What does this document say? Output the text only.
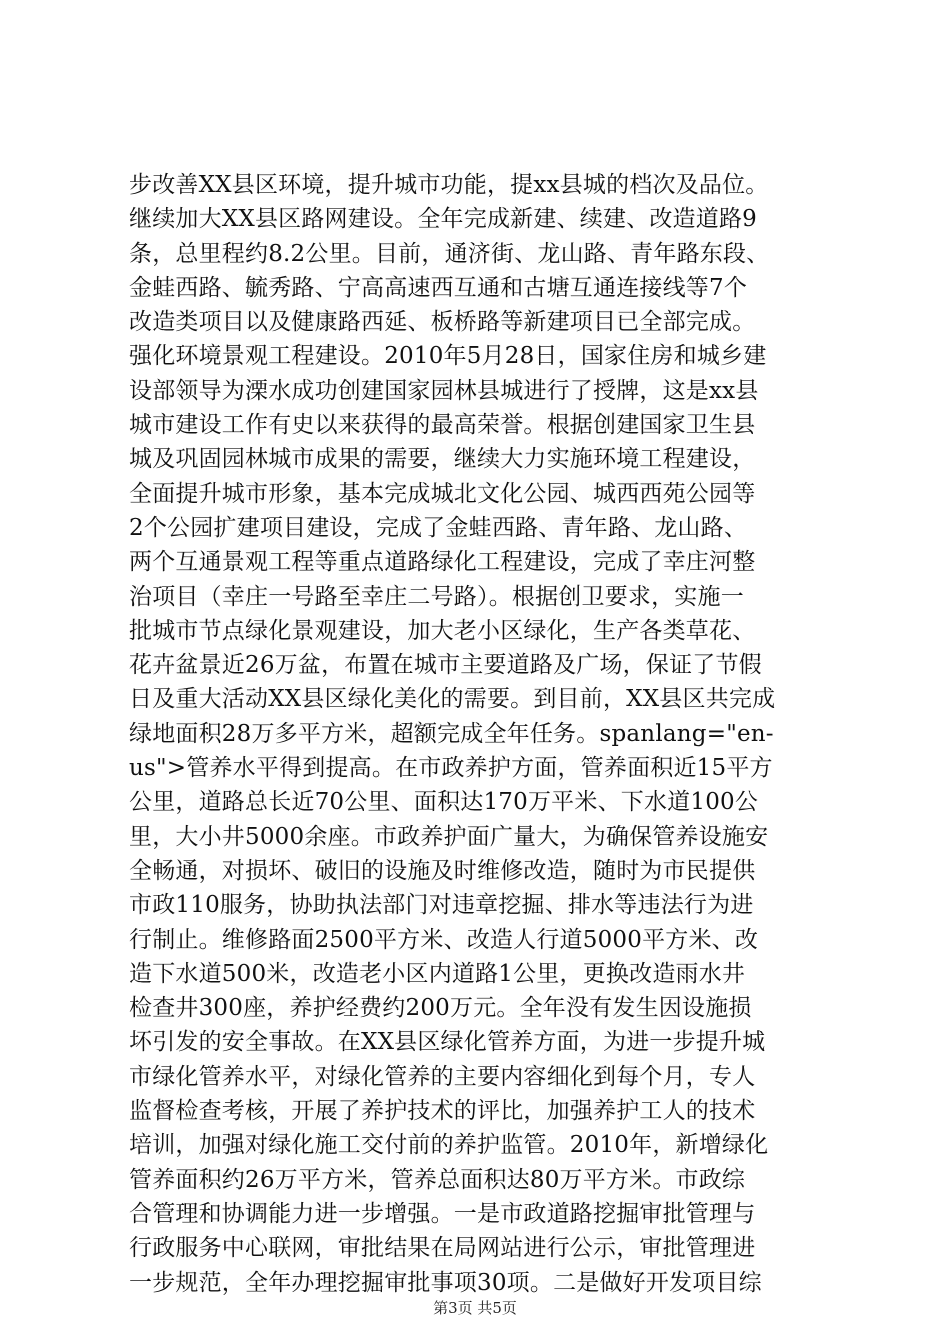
步改善XX县区环境，提升城市功能，提xx县城的档次及品位。
继续加大XX县区路网建设。全年完成新建、续建、改造道路9
条，总里程约8.2公里。目前，通济街、龙山路、青年路东段、
金蛙西路、毓秀路、宁高高速西互通和古塘互通连接线等7个
改造类项目以及健康路西延、板桥路等新建项目已全部完成。
强化环境景观工程建设。2010年5月28日，国家住房和城乡建
设部领导为溧水成功创建国家园林县城进行了授牌，这是xx县
城市建设工作有史以来获得的最高荣誉。根据创建国家卫生县
城及巩固园林城市成果的需要，继续大力实施环境工程建设，
全面提升城市形象，基本完成城北文化公园、城西西苑公园等
2个公园扩建项目建设，完成了金蛙西路、青年路、龙山路、
两个互通景观工程等重点道路绿化工程建设，完成了幸庄河整
治项目（幸庄一号路至幸庄二号路）。根据创卫要求，实施一
批城市节点绿化景观建设，加大老小区绿化，生产各类草花、
花卉盆景近26万盆，布置在城市主要道路及广场，保证了节假
日及重大活动XX县区绿化美化的需要。到目前，XX县区共完成
绿地面积28万多平方米，超额完成全年任务。spanlang="en-
us">管养水平得到提高。在市政养护方面，管养面积近15平方
公里，道路总长近70公里、面积达170万平米、下水道100公
里，大小井5000余座。市政养护面广量大，为确保管养设施安
全畅通，对损坏、破旧的设施及时维修改造，随时为市民提供
市政110服务，协助执法部门对违章挖掘、排水等违法行为进
行制止。维修路面2500平方米、改造人行道5000平方米、改
造下水道500米，改造老小区内道路1公里，更换改造雨水井
检查井300座，养护经费约200万元。全年没有发生因设施损
坏引发的安全事故。在XX县区绿化管养方面，为进一步提升城
市绿化管养水平，对绿化管养的主要内容细化到每个月，专人
监督检查考核，开展了养护技术的评比，加强养护工人的技术
培训，加强对绿化施工交付前的养护监管。2010年，新增绿化
管养面积约26万平方米，管养总面积达80万平方米。市政综
合管理和协调能力进一步增强。一是市政道路挖掘审批管理与
行政服务中心联网，审批结果在局网站进行公示，审批管理进
一步规范，全年办理挖掘审批事项30项。二是做好开发项目综
第3页 共5页
